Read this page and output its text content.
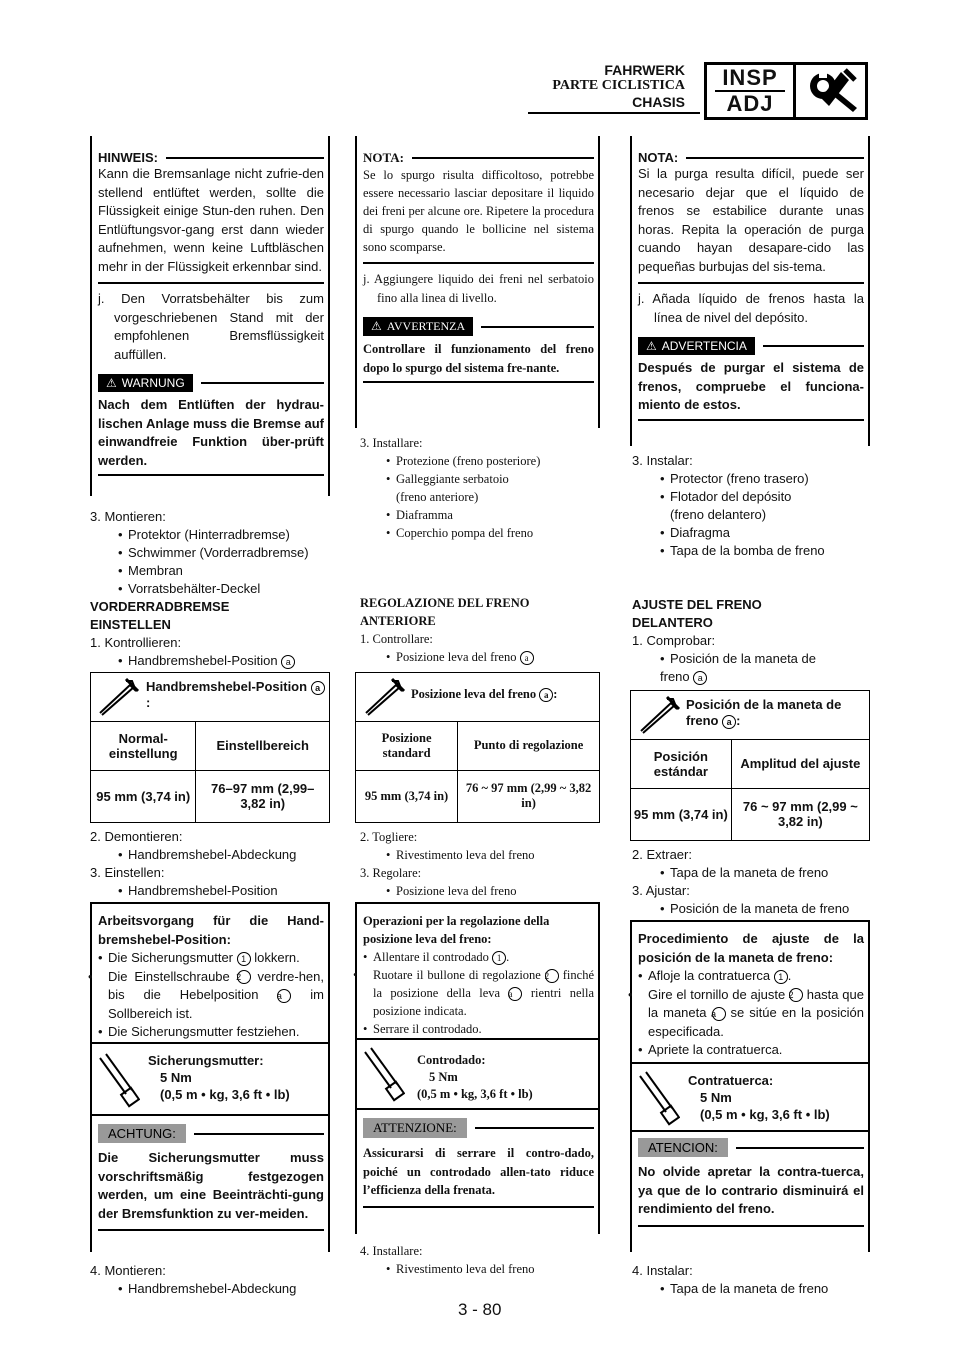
FAHRWERK
PARTE CICLISTICA
CHASIS
INSP
ADJ
HINWEIS:
Kann die Bremsanlage nicht zufrie-den stellend entlüftet werden, sollte die Flüssigkeit einige Stun-den ruhen. Den Entlüftungsvor-gang erst dann wieder aufnehmen, wenn keine Luftbläschen mehr in der Flüssigkeit erkennbar sind.
j. Den Vorratsbehälter bis zum vorgeschriebenen Stand mit der empfohlenen Bremsflüssigkeit auffüllen.
⚠ WARNUNG
Nach dem Entlüften der hydrau-lischen Anlage muss die Bremse auf einwandfreie Funktion über-prüft werden.
3. Montieren:
• Protektor (Hinterradbremse)
• Schwimmer (Vorderradbremse)
• Membran
• Vorratsbehälter-Deckel
VORDERRADBREMSE
EINSTELLEN
1. Kontrollieren:
• Handbremshebel-Position a
Handbremshebel-Position a:
Normal-einstellung	Einstellbereich
95 mm (3,74 in)	76–97 mm (2,99–3,82 in)
2. Demontieren:
• Handbremshebel-Abdeckung
3. Einstellen:
• Handbremshebel-Position
Arbeitsvorgang für die Hand-bremshebel-Position:
• Die Sicherungsmutter 1 lokkern.
• Die Einstellschraube 2 verdre-hen, bis die Hebelposition a im Sollbereich ist.
• Die Sicherungsmutter festziehen.
Sicherungsmutter:
5 Nm
(0,5 m • kg, 3,6 ft • lb)
ACHTUNG:
Die Sicherungsmutter muss vorschriftsmäßig festgezogen werden, um eine Beeinträchti-gung der Bremsfunktion zu ver-meiden.
4. Montieren:
• Handbremshebel-Abdeckung
NOTA:
Se lo spurgo risulta difficoltoso, potrebbe essere necessario lasciar depositare il liquido dei freni per alcune ore. Ripetere la procedura di spurgo quando le bollicine nel sistema sono scomparse.
j. Aggiungere liquido dei freni nel serbatoio fino alla linea di livello.
⚠ AVVERTENZA
Controllare il funzionamento del freno dopo lo spurgo del sistema fre-nante.
3. Installare:
• Protezione (freno posteriore)
• Galleggiante serbatoio
(freno anteriore)
• Diaframma
• Coperchio pompa del freno
REGOLAZIONE DEL FRENO
ANTERIORE
1. Controllare:
• Posizione leva del freno a
Posizione leva del freno a :
Posizione standard	Punto di regolazione
95 mm (3,74 in)	76 ~ 97 mm (2,99 ~ 3,82 in)
2. Togliere:
• Rivestimento leva del freno
3. Regolare:
• Posizione leva del freno
Operazioni per la regolazione della posizione leva del freno:
• Allentare il controdado 1 .
• Ruotare il bullone di regolazione 2 finché la posizione della leva a rientri nella posizione indicata.
• Serrare il controdado.
Controdado:
5 Nm
(0,5 m • kg, 3,6 ft • lb)
ATTENZIONE:
Assicurarsi di serrare il contro-dado, poiché un controdado allen-tato riduce l’efficienza della frenata.
4. Installare:
• Rivestimento leva del freno
NOTA:
Si la purga resulta difícil, puede ser necesario dejar que el líquido de frenos se estabilice durante unas horas. Repita la operación de purga cuando hayan desapare-cido las pequeñas burbujas del sis-tema.
j. Añada líquido de frenos hasta la línea de nivel del depósito.
⚠ ADVERTENCIA
Después de purgar el sistema de frenos, compruebe el funciona-miento de estos.
3. Instalar:
• Protector (freno trasero)
• Flotador del depósito
(freno delantero)
• Diafragma
• Tapa de la bomba de freno
AJUSTE DEL FRENO
DELANTERO
1. Comprobar:
• Posición de la maneta de freno a
Posición de la maneta de freno a :
Posición estándar	Amplitud del ajuste
95 mm (3,74 in)	76 ~ 97 mm (2,99 ~ 3,82 in)
2. Extraer:
• Tapa de la maneta de freno
3. Ajustar:
• Posición de la maneta de freno
Procedimiento de ajuste de la posición de la maneta de freno:
• Afloje la contratuerca 1 .
• Gire el tornillo de ajuste 2 hasta que la maneta a se sitúe en la posición especificada.
• Apriete la contratuerca.
Contratuerca:
5 Nm
(0,5 m • kg, 3,6 ft • lb)
ATENCION:
No olvide apretar la contra-tuerca, ya que de lo contrario disminuirá el rendimiento del freno.
4. Instalar:
• Tapa de la maneta de freno
3 - 80
